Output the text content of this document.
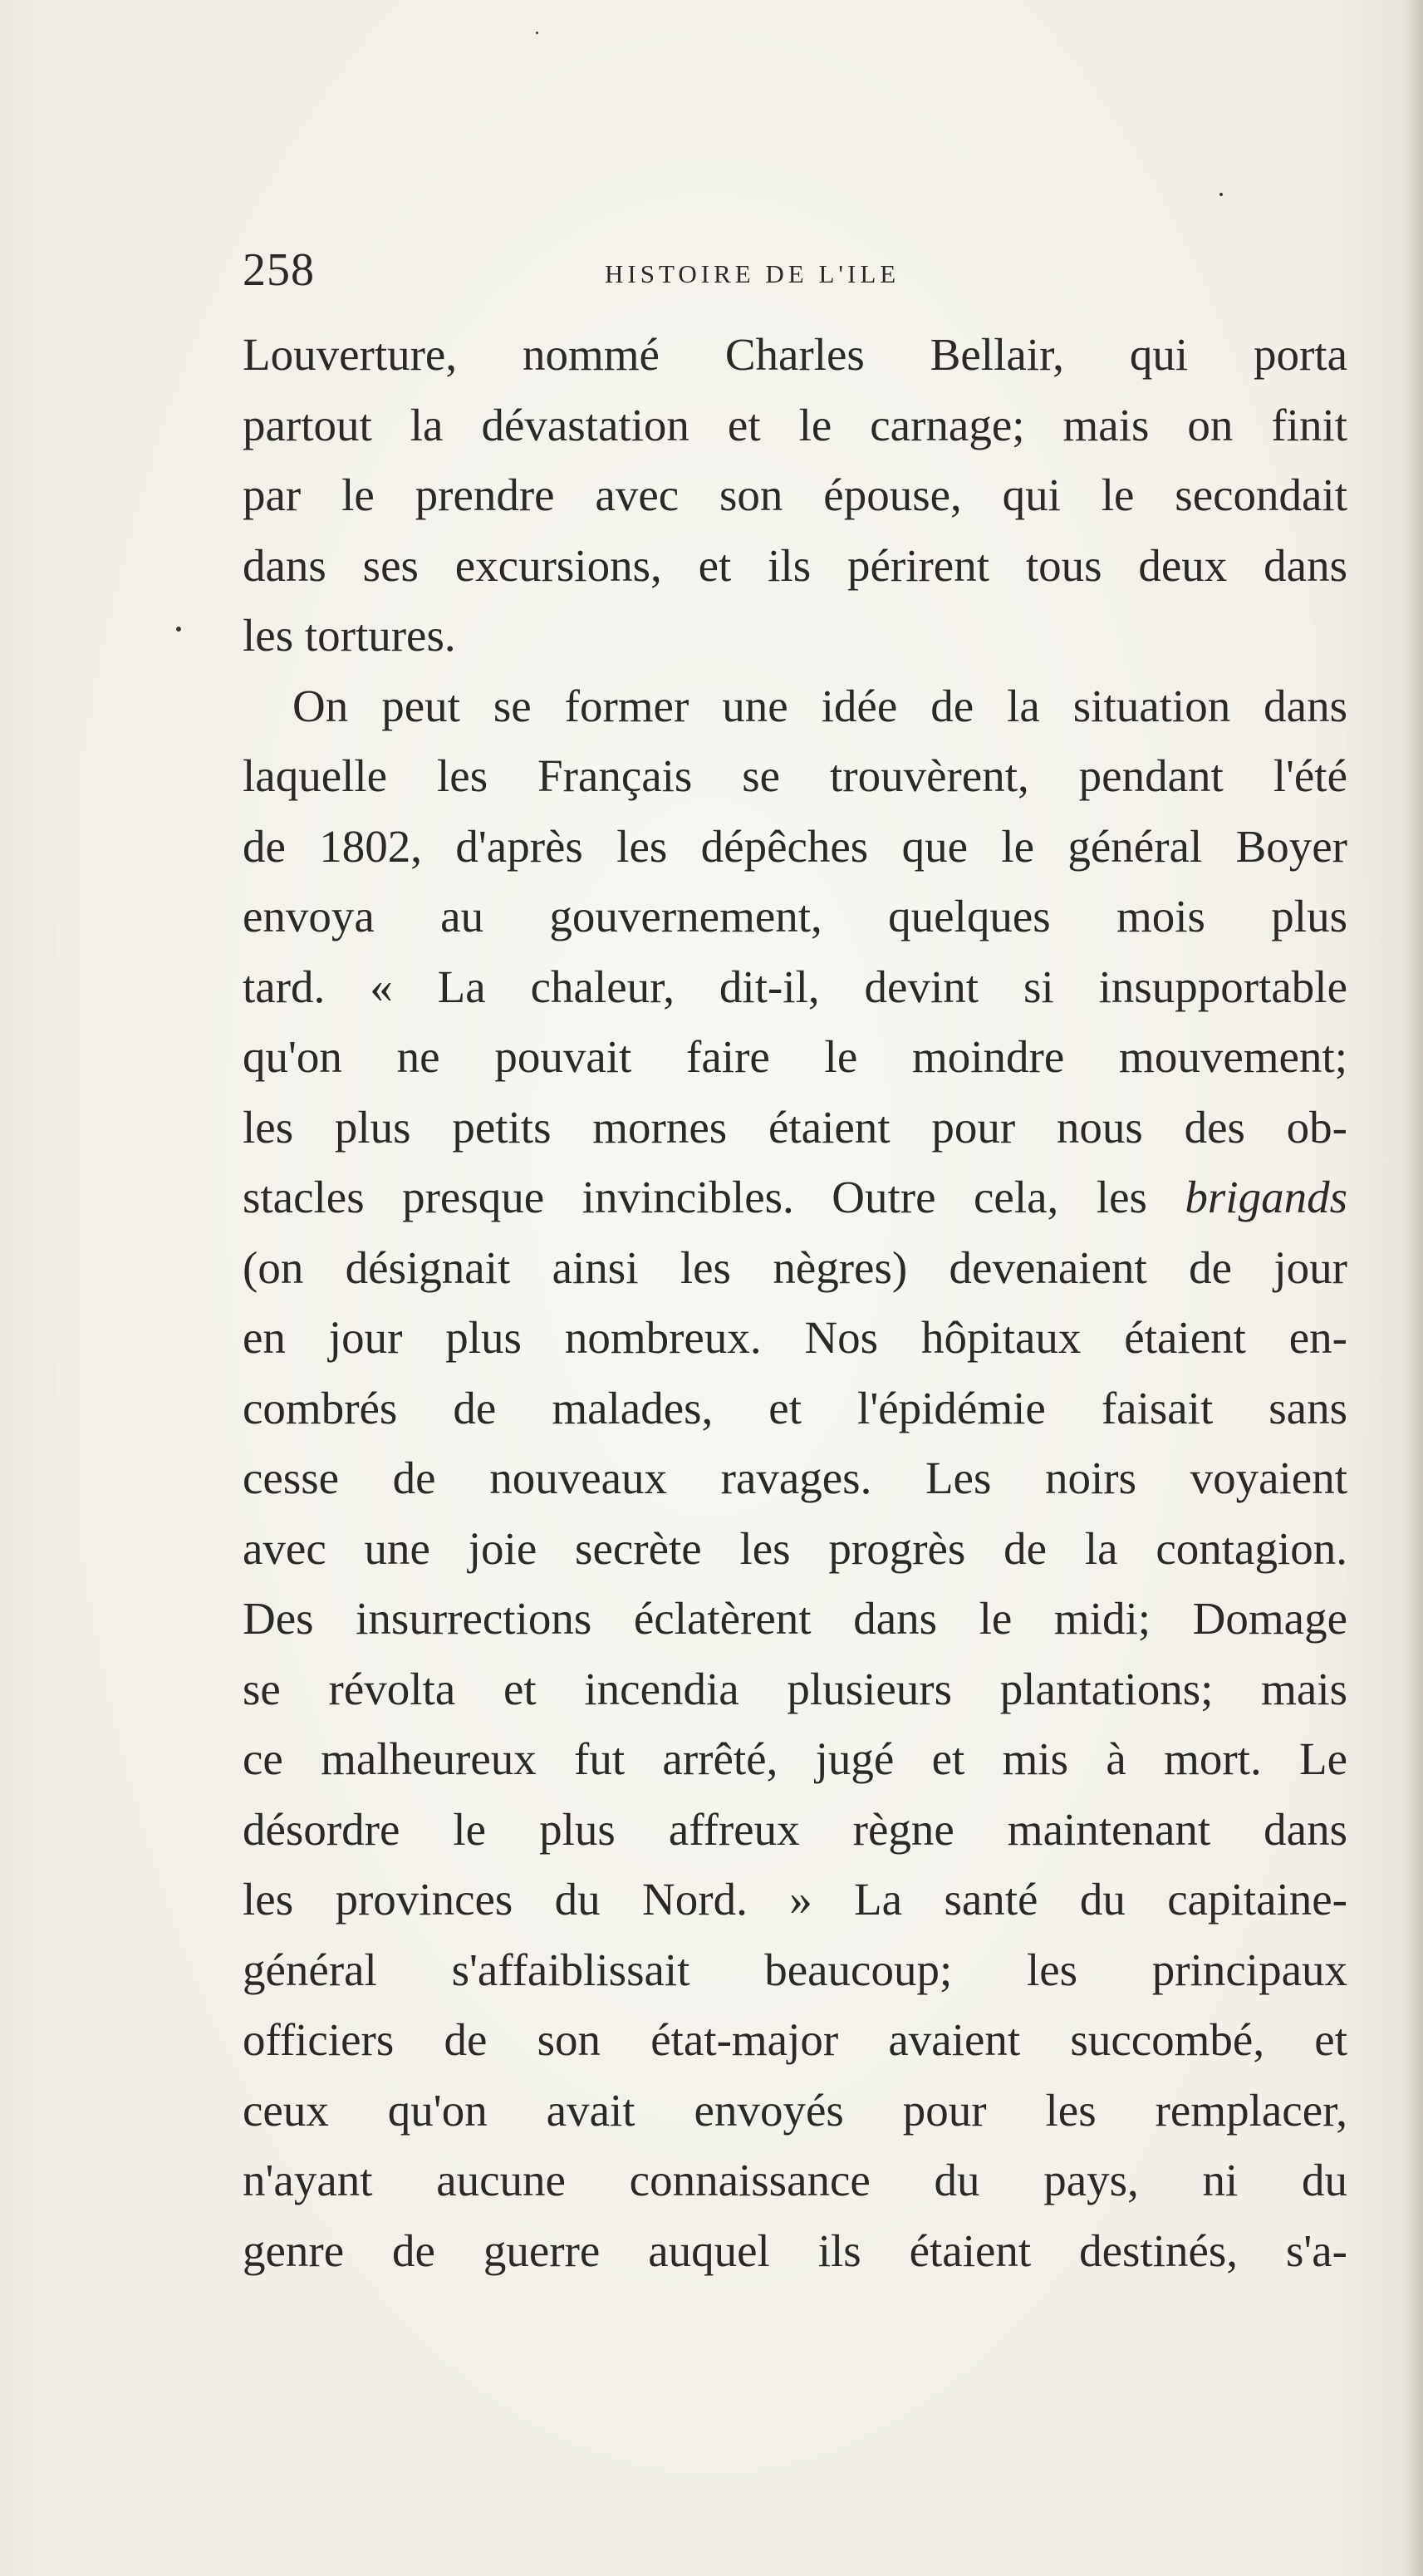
258	HISTOIRE DE L'ILE
Louverture, nommé Charles Bellair, qui porta
partout la dévastation et le carnage; mais on finit
par le prendre avec son épouse, qui le secondait
dans ses excursions, et ils périrent tous deux dans
les tortures.
On peut se former une idée de la situation dans
laquelle les Français se trouvèrent, pendant l'été
de 1802, d'après les dépêches que le général Boyer
envoya au gouvernement, quelques mois plus
tard. « La chaleur, dit-il, devint si insupportable
qu'on ne pouvait faire le moindre mouvement;
les plus petits mornes étaient pour nous des ob-
stacles presque invincibles. Outre cela, les brigands
(on désignait ainsi les nègres) devenaient de jour
en jour plus nombreux. Nos hôpitaux étaient en-
combrés de malades, et l'épidémie faisait sans
cesse de nouveaux ravages. Les noirs voyaient
avec une joie secrète les progrès de la contagion.
Des insurrections éclatèrent dans le midi; Domage
se révolta et incendia plusieurs plantations; mais
ce malheureux fut arrêté, jugé et mis à mort. Le
désordre le plus affreux règne maintenant dans
les provinces du Nord. » La santé du capitaine-
général s'affaiblissait beaucoup; les principaux
officiers de son état-major avaient succombé, et
ceux qu'on avait envoyés pour les remplacer,
n'ayant aucune connaissance du pays, ni du
genre de guerre auquel ils étaient destinés, s'a-
